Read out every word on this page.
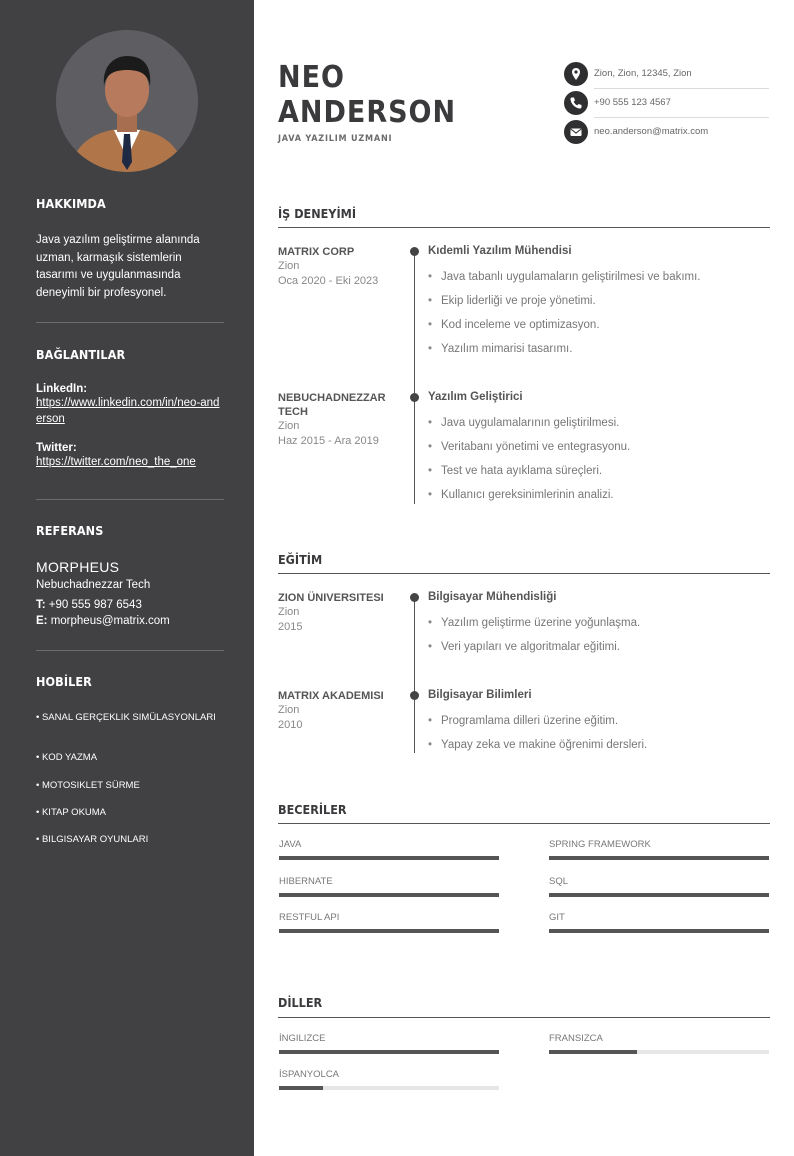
HAKKIMDA
Java yazılım geliştirme alanında uzman, karmaşık sistemlerin tasarımı ve uygulanmasında deneyimli bir profesyonel.
BAĞLANTILAR
LinkedIn:
https://www.linkedin.com/in/neo-anderson
Twitter:
https://twitter.com/neo_the_one
REFERANS
MORPHEUS
Nebuchadnezzar Tech
T: +90 555 987 6543
E: morpheus@matrix.com
HOBİLER
• SANAL GERÇEKLIK SIMÜLASYONLARI
• KOD YAZMA
• MOTOSIKLET SÜRME
• KITAP OKUMA
• BILGISAYAR OYUNLARI
NEO
ANDERSON
JAVA YAZILIM UZMANI
Zion, Zion, 12345, Zion
+90 555 123 4567
neo.anderson@matrix.com
İŞ DENEYİMİ
MATRIX CORP
Zion
Oca 2020 - Eki 2023
Kıdemli Yazılım Mühendisi
• Java tabanlı uygulamaların geliştirilmesi ve bakımı.
• Ekip liderliği ve proje yönetimi.
• Kod inceleme ve optimizasyon.
• Yazılım mimarisi tasarımı.
NEBUCHADNEZZAR TECH
Zion
Haz 2015 - Ara 2019
Yazılım Geliştirici
• Java uygulamalarının geliştirilmesi.
• Veritabanı yönetimi ve entegrasyonu.
• Test ve hata ayıklama süreçleri.
• Kullanıcı gereksinimlerinin analizi.
EĞİTİM
ZION ÜNIVERSITESI
Zion
2015
Bilgisayar Mühendisliği
• Yazılım geliştirme üzerine yoğunlaşma.
• Veri yapıları ve algoritmalar eğitimi.
MATRIX AKADEMISI
Zion
2010
Bilgisayar Bilimleri
• Programlama dilleri üzerine eğitim.
• Yapay zeka ve makine öğrenimi dersleri.
BECERİLER
JAVA	SPRING FRAMEWORK
HIBERNATE	SQL
RESTFUL API	GIT
DİLLER
İNGILIZCE	FRANSIZCA
İSPANYOLCA
